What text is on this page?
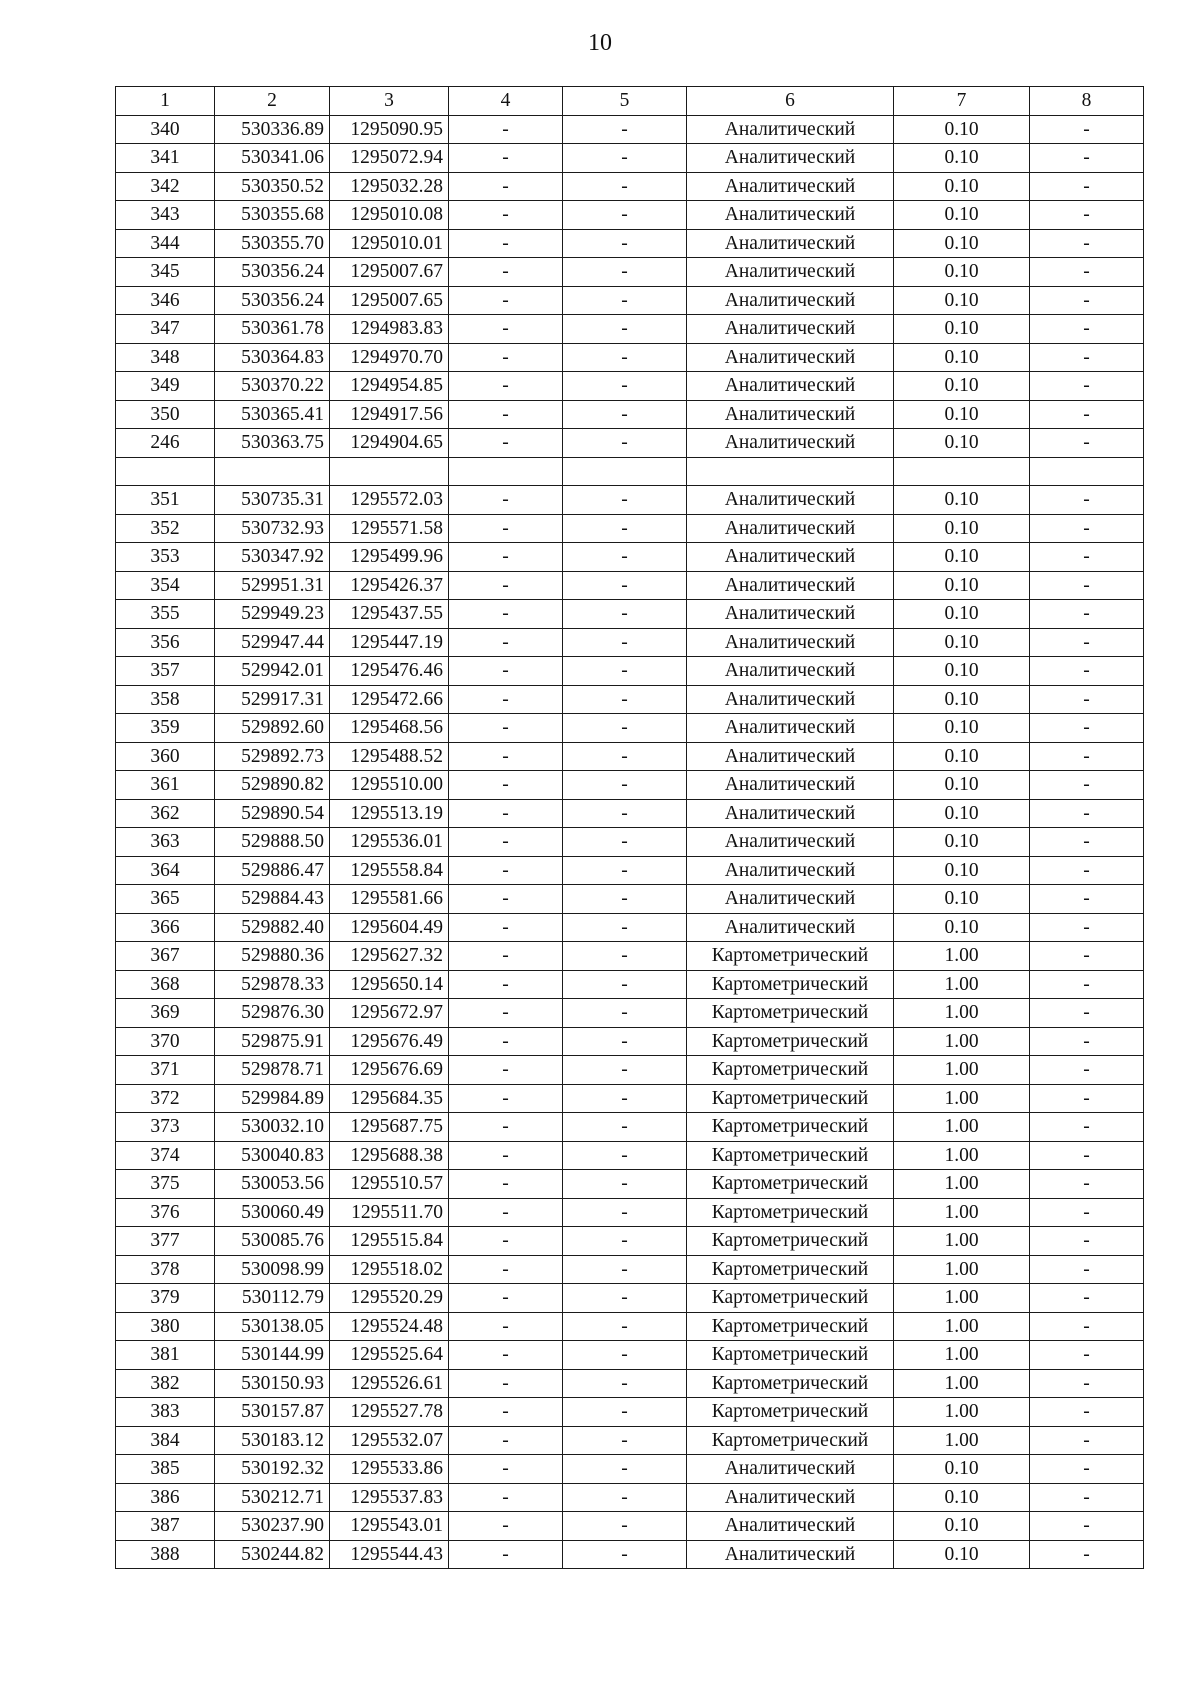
10
1	2	3	4	5	6	7	8
340	530336.89	1295090.95	-	-	Аналитический	0.10	-
341	530341.06	1295072.94	-	-	Аналитический	0.10	-
342	530350.52	1295032.28	-	-	Аналитический	0.10	-
343	530355.68	1295010.08	-	-	Аналитический	0.10	-
344	530355.70	1295010.01	-	-	Аналитический	0.10	-
345	530356.24	1295007.67	-	-	Аналитический	0.10	-
346	530356.24	1295007.65	-	-	Аналитический	0.10	-
347	530361.78	1294983.83	-	-	Аналитический	0.10	-
348	530364.83	1294970.70	-	-	Аналитический	0.10	-
349	530370.22	1294954.85	-	-	Аналитический	0.10	-
350	530365.41	1294917.56	-	-	Аналитический	0.10	-
246	530363.75	1294904.65	-	-	Аналитический	0.10	-

351	530735.31	1295572.03	-	-	Аналитический	0.10	-
352	530732.93	1295571.58	-	-	Аналитический	0.10	-
353	530347.92	1295499.96	-	-	Аналитический	0.10	-
354	529951.31	1295426.37	-	-	Аналитический	0.10	-
355	529949.23	1295437.55	-	-	Аналитический	0.10	-
356	529947.44	1295447.19	-	-	Аналитический	0.10	-
357	529942.01	1295476.46	-	-	Аналитический	0.10	-
358	529917.31	1295472.66	-	-	Аналитический	0.10	-
359	529892.60	1295468.56	-	-	Аналитический	0.10	-
360	529892.73	1295488.52	-	-	Аналитический	0.10	-
361	529890.82	1295510.00	-	-	Аналитический	0.10	-
362	529890.54	1295513.19	-	-	Аналитический	0.10	-
363	529888.50	1295536.01	-	-	Аналитический	0.10	-
364	529886.47	1295558.84	-	-	Аналитический	0.10	-
365	529884.43	1295581.66	-	-	Аналитический	0.10	-
366	529882.40	1295604.49	-	-	Аналитический	0.10	-
367	529880.36	1295627.32	-	-	Картометрический	1.00	-
368	529878.33	1295650.14	-	-	Картометрический	1.00	-
369	529876.30	1295672.97	-	-	Картометрический	1.00	-
370	529875.91	1295676.49	-	-	Картометрический	1.00	-
371	529878.71	1295676.69	-	-	Картометрический	1.00	-
372	529984.89	1295684.35	-	-	Картометрический	1.00	-
373	530032.10	1295687.75	-	-	Картометрический	1.00	-
374	530040.83	1295688.38	-	-	Картометрический	1.00	-
375	530053.56	1295510.57	-	-	Картометрический	1.00	-
376	530060.49	1295511.70	-	-	Картометрический	1.00	-
377	530085.76	1295515.84	-	-	Картометрический	1.00	-
378	530098.99	1295518.02	-	-	Картометрический	1.00	-
379	530112.79	1295520.29	-	-	Картометрический	1.00	-
380	530138.05	1295524.48	-	-	Картометрический	1.00	-
381	530144.99	1295525.64	-	-	Картометрический	1.00	-
382	530150.93	1295526.61	-	-	Картометрический	1.00	-
383	530157.87	1295527.78	-	-	Картометрический	1.00	-
384	530183.12	1295532.07	-	-	Картометрический	1.00	-
385	530192.32	1295533.86	-	-	Аналитический	0.10	-
386	530212.71	1295537.83	-	-	Аналитический	0.10	-
387	530237.90	1295543.01	-	-	Аналитический	0.10	-
388	530244.82	1295544.43	-	-	Аналитический	0.10	-
